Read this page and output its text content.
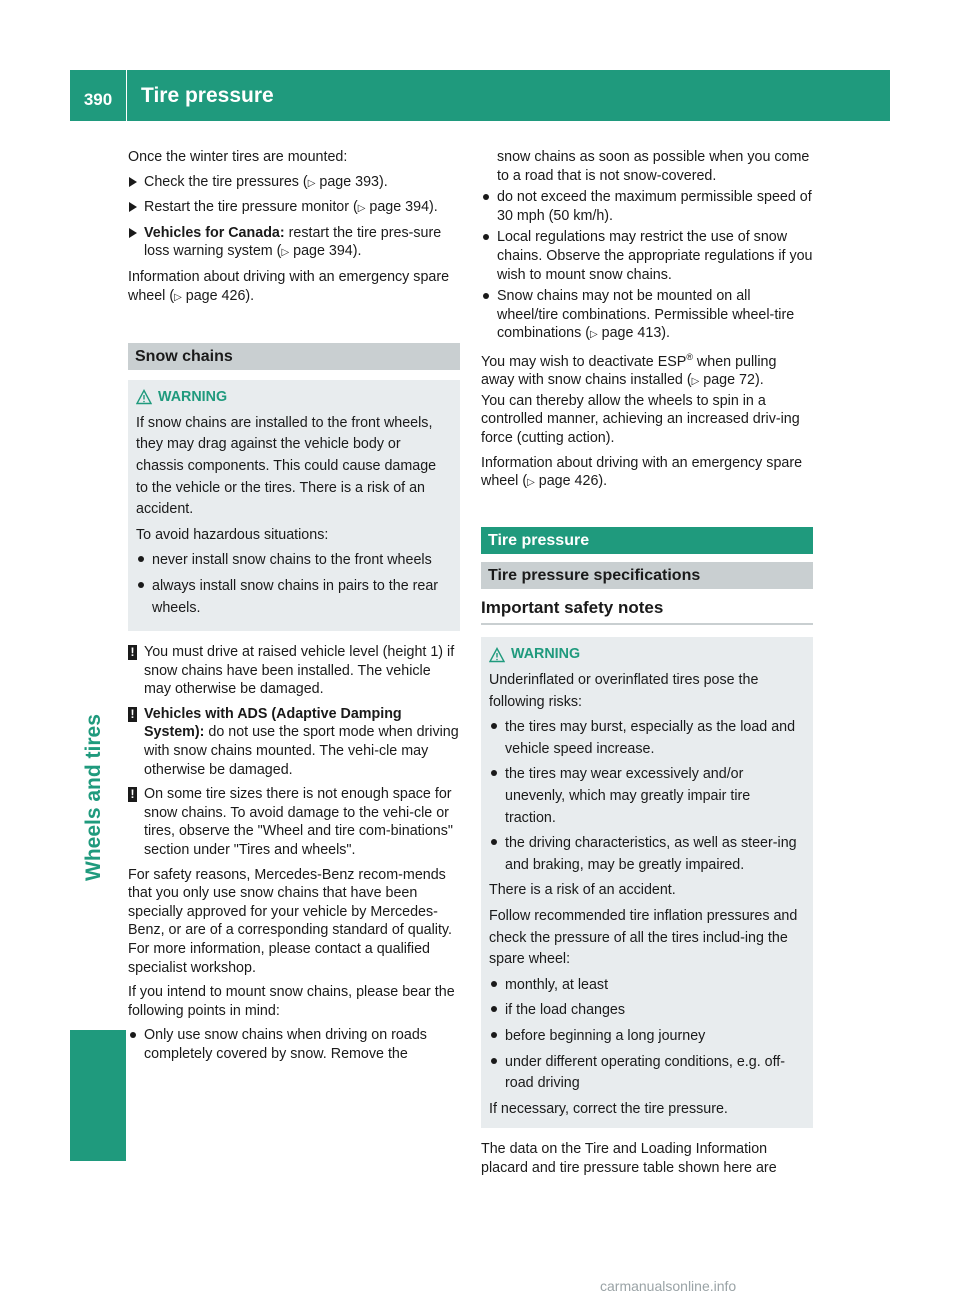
390	Tire pressure
Wheels and tires

Once the winter tires are mounted:

Check the tire pressures (▷ page 393).
Restart the tire pressure monitor (▷ page 394).
Vehicles for Canada: restart the tire pres-sure loss warning system (▷ page 394).

Information about driving with an emergency spare wheel (▷ page 426).

Snow chains
WARNING

If snow chains are installed to the front wheels, they may drag against the vehicle body or chassis components. This could cause damage to the vehicle or the tires. There is a risk of an accident.

To avoid hazardous situations:

never install snow chains to the front wheels
always install snow chains in pairs to the rear wheels.
! You must drive at raised vehicle level (height 1) if snow chains have been installed. The vehicle may otherwise be damaged.
! Vehicles with ADS (Adaptive Damping System): do not use the sport mode when driving with snow chains mounted. The vehi-cle may otherwise be damaged.
! On some tire sizes there is not enough space for snow chains. To avoid damage to the vehi-cle or tires, observe the "Wheel and tire com-binations" section under "Tires and wheels".

For safety reasons, Mercedes-Benz recom-mends that you only use snow chains that have been specially approved for your vehicle by Mercedes-Benz, or are of a corresponding standard of quality. For more information, please contact a qualified specialist workshop.

If you intend to mount snow chains, please bear the following points in mind:

Only use snow chains when driving on roads completely covered by snow. Remove the
snow chains as soon as possible when you come to a road that is not snow-covered.
do not exceed the maximum permissible speed of 30 mph (50 km/h).
Local regulations may restrict the use of snow chains. Observe the appropriate regulations if you wish to mount snow chains.
Snow chains may not be mounted on all wheel/tire combinations. Permissible wheel-tire combinations (▷ page 413).

You may wish to deactivate ESP® when pulling away with snow chains installed (▷ page 72).

You can thereby allow the wheels to spin in a controlled manner, achieving an increased driv-ing force (cutting action).

Information about driving with an emergency spare wheel (▷ page 426).

Tire pressure
Tire pressure specifications
Important safety notes
WARNING

Underinflated or overinflated tires pose the following risks:

the tires may burst, especially as the load and vehicle speed increase.
the tires may wear excessively and/or unevenly, which may greatly impair tire traction.
the driving characteristics, as well as steer-ing and braking, may be greatly impaired.

There is a risk of an accident.

Follow recommended tire inflation pressures and check the pressure of all the tires includ-ing the spare wheel:

monthly, at least
if the load changes
before beginning a long journey
under different operating conditions, e.g. off-road driving

If necessary, correct the tire pressure.

The data on the Tire and Loading Information placard and tire pressure table shown here are

carmanualsonline.info
